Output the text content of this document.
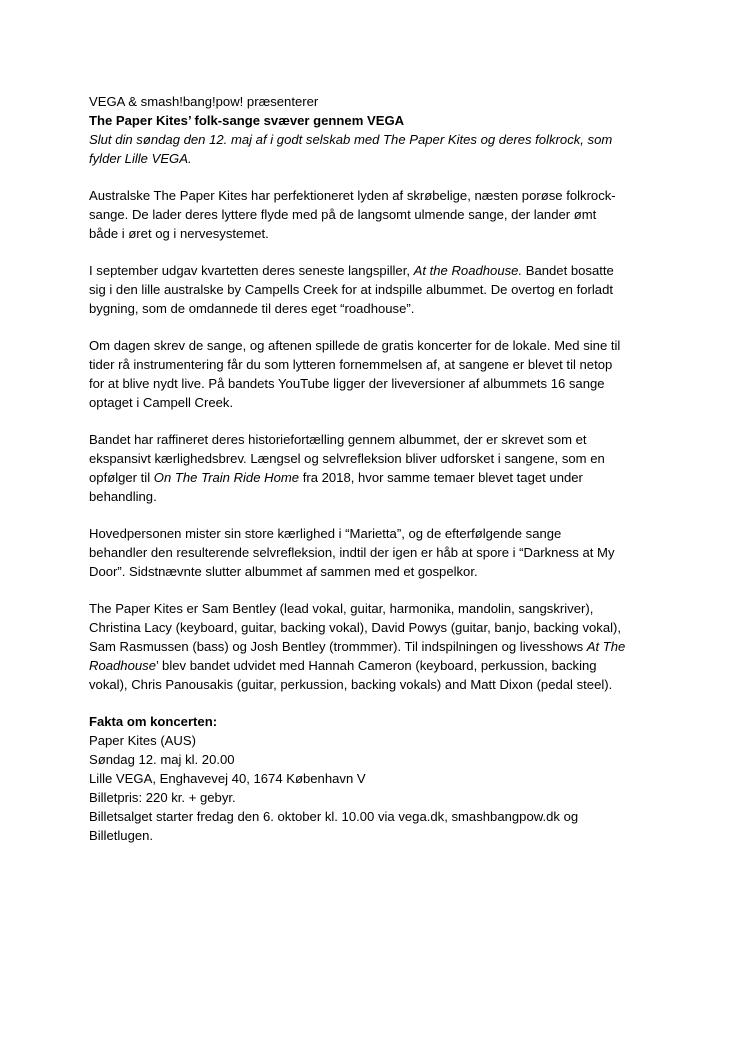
VEGA & smash!bang!pow! præsenterer
The Paper Kites’ folk-sange svæver gennem VEGA
Slut din søndag den 12. maj af i godt selskab med The Paper Kites og deres folkrock, som
fylder Lille VEGA.

Australske The Paper Kites har perfektioneret lyden af skrøbelige, næsten porøse folkrock-
sange. De lader deres lyttere flyde med på de langsomt ulmende sange, der lander ømt
både i øret og i nervesystemet.

I september udgav kvartetten deres seneste langspiller, At the Roadhouse. Bandet bosatte
sig i den lille australske by Campells Creek for at indspille albummet. De overtog en forladt
bygning, som de omdannede til deres eget “roadhouse”.

Om dagen skrev de sange, og aftenen spillede de gratis koncerter for de lokale. Med sine til
tider rå instrumentering får du som lytteren fornemmelsen af, at sangene er blevet til netop
for at blive nydt live. På bandets YouTube ligger der liveversioner af albummets 16 sange
optaget i Campell Creek.

Bandet har raffineret deres historiefortælling gennem albummet, der er skrevet som et
ekspansivt kærlighedsbrev. Længsel og selvrefleksion bliver udforsket i sangene, som en
opfølger til On The Train Ride Home fra 2018, hvor samme temaer blevet taget under
behandling.

Hovedpersonen mister sin store kærlighed i “Marietta”, og de efterfølgende sange
behandler den resulterende selvrefleksion, indtil der igen er håb at spore i “Darkness at My
Door”. Sidstnævnte slutter albummet af sammen med et gospelkor.

The Paper Kites er Sam Bentley (lead vokal, guitar, harmonika, mandolin, sangskriver),
Christina Lacy (keyboard, guitar, backing vokal), David Powys (guitar, banjo, backing vokal),
Sam Rasmussen (bass) og Josh Bentley (trommmer). Til indspilningen og livesshows At The
Roadhouse’ blev bandet udvidet med Hannah Cameron (keyboard, perkussion, backing
vokal), Chris Panousakis (guitar, perkussion, backing vokals) and Matt Dixon (pedal steel).

Fakta om koncerten:
Paper Kites (AUS)
Søndag 12. maj kl. 20.00
Lille VEGA, Enghavevej 40, 1674 København V
Billetpris: 220 kr. + gebyr.
Billetsalget starter fredag den 6. oktober kl. 10.00 via vega.dk, smashbangpow.dk og
Billetlugen.
